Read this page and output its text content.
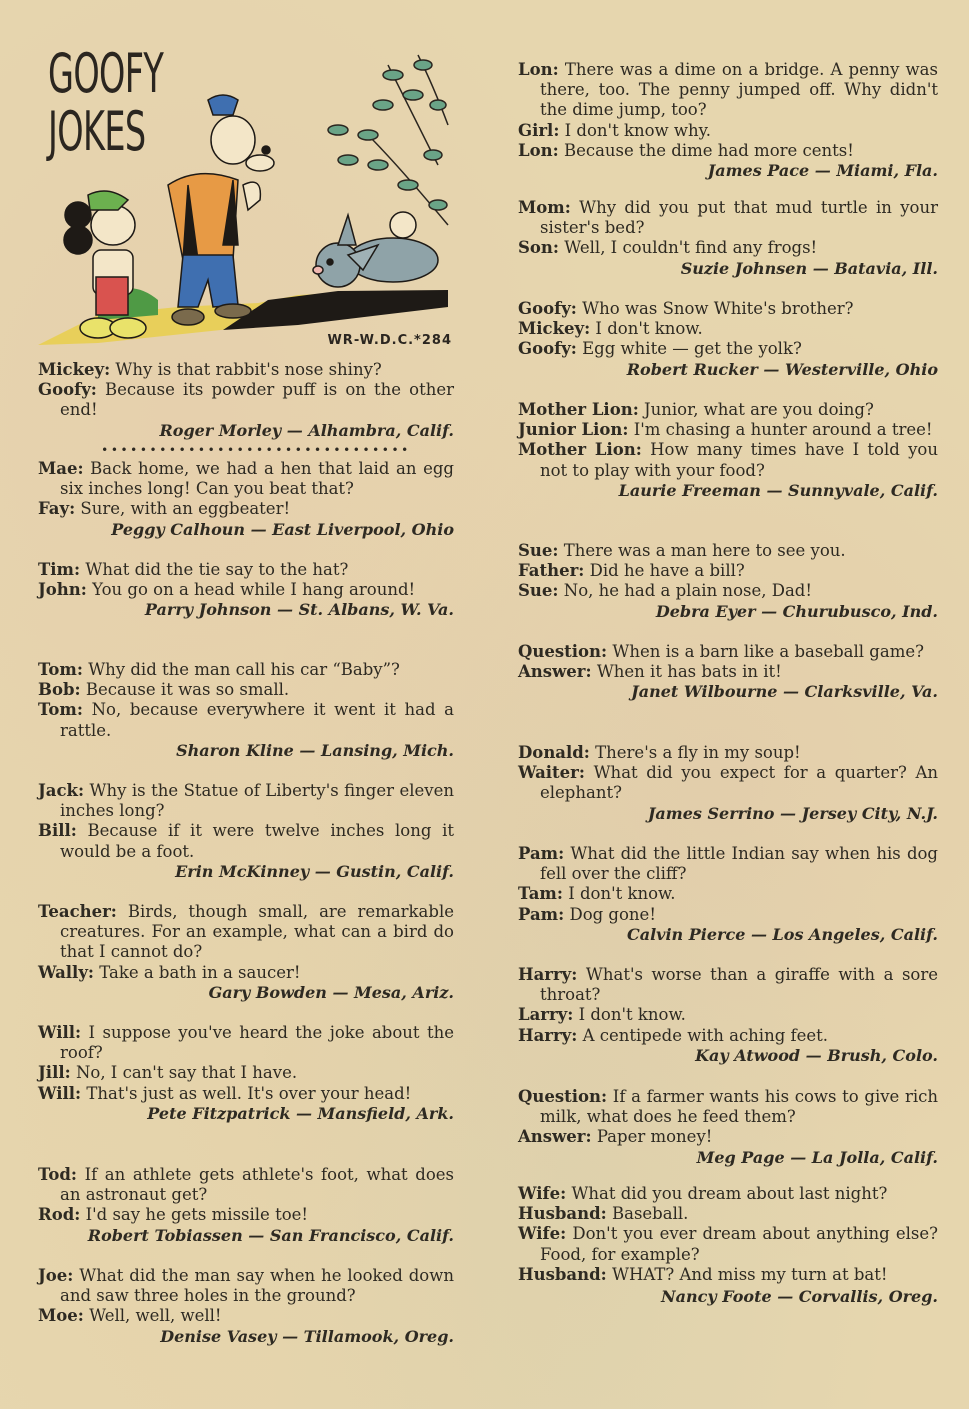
GOOFY
JOKES
WR-W.D.C.*284
Mickey: Why is that rabbit's nose shiny?
Goofy: Because its powder puff is on the other end!
Roger Morley — Alhambra, Calif.
••••••••••••••••••••••••••••••••
Mae: Back home, we had a hen that laid an egg six inches long! Can you beat that?
Fay: Sure, with an eggbeater!
Peggy Calhoun — East Liverpool, Ohio
Tim: What did the tie say to the hat?
John: You go on a head while I hang around!
Parry Johnson — St. Albans, W. Va.
Tom: Why did the man call his car “Baby”?
Bob: Because it was so small.
Tom: No, because everywhere it went it had a rattle.
Sharon Kline — Lansing, Mich.
Jack: Why is the Statue of Liberty's finger eleven inches long?
Bill: Because if it were twelve inches long it would be a foot.
Erin McKinney — Gustin, Calif.
Teacher: Birds, though small, are remarkable creatures. For an example, what can a bird do that I cannot do?
Wally: Take a bath in a saucer!
Gary Bowden — Mesa, Ariz.
Will: I suppose you've heard the joke about the roof?
Jill: No, I can't say that I have.
Will: That's just as well. It's over your head!
Pete Fitzpatrick — Mansfield, Ark.
Tod: If an athlete gets athlete's foot, what does an astronaut get?
Rod: I'd say he gets missile toe!
Robert Tobiassen — San Francisco, Calif.
Joe: What did the man say when he looked down and saw three holes in the ground?
Moe: Well, well, well!
Denise Vasey — Tillamook, Oreg.
Lon: There was a dime on a bridge. A penny was there, too. The penny jumped off. Why didn't the dime jump, too?
Girl: I don't know why.
Lon: Because the dime had more cents!
James Pace — Miami, Fla.
Mom: Why did you put that mud turtle in your sister's bed?
Son: Well, I couldn't find any frogs!
Suzie Johnsen — Batavia, Ill.
Goofy: Who was Snow White's brother?
Mickey: I don't know.
Goofy: Egg white — get the yolk?
Robert Rucker — Westerville, Ohio
Mother Lion: Junior, what are you doing?
Junior Lion: I'm chasing a hunter around a tree!
Mother Lion: How many times have I told you not to play with your food?
Laurie Freeman — Sunnyvale, Calif.
Sue: There was a man here to see you.
Father: Did he have a bill?
Sue: No, he had a plain nose, Dad!
Debra Eyer — Churubusco, Ind.
Question: When is a barn like a baseball game?
Answer: When it has bats in it!
Janet Wilbourne — Clarksville, Va.
Donald: There's a fly in my soup!
Waiter: What did you expect for a quarter? An elephant?
James Serrino — Jersey City, N.J.
Pam: What did the little Indian say when his dog fell over the cliff?
Tam: I don't know.
Pam: Dog gone!
Calvin Pierce — Los Angeles, Calif.
Harry: What's worse than a giraffe with a sore throat?
Larry: I don't know.
Harry: A centipede with aching feet.
Kay Atwood — Brush, Colo.
Question: If a farmer wants his cows to give rich milk, what does he feed them?
Answer: Paper money!
Meg Page — La Jolla, Calif.
Wife: What did you dream about last night?
Husband: Baseball.
Wife: Don't you ever dream about anything else? Food, for example?
Husband: WHAT? And miss my turn at bat!
Nancy Foote — Corvallis, Oreg.
